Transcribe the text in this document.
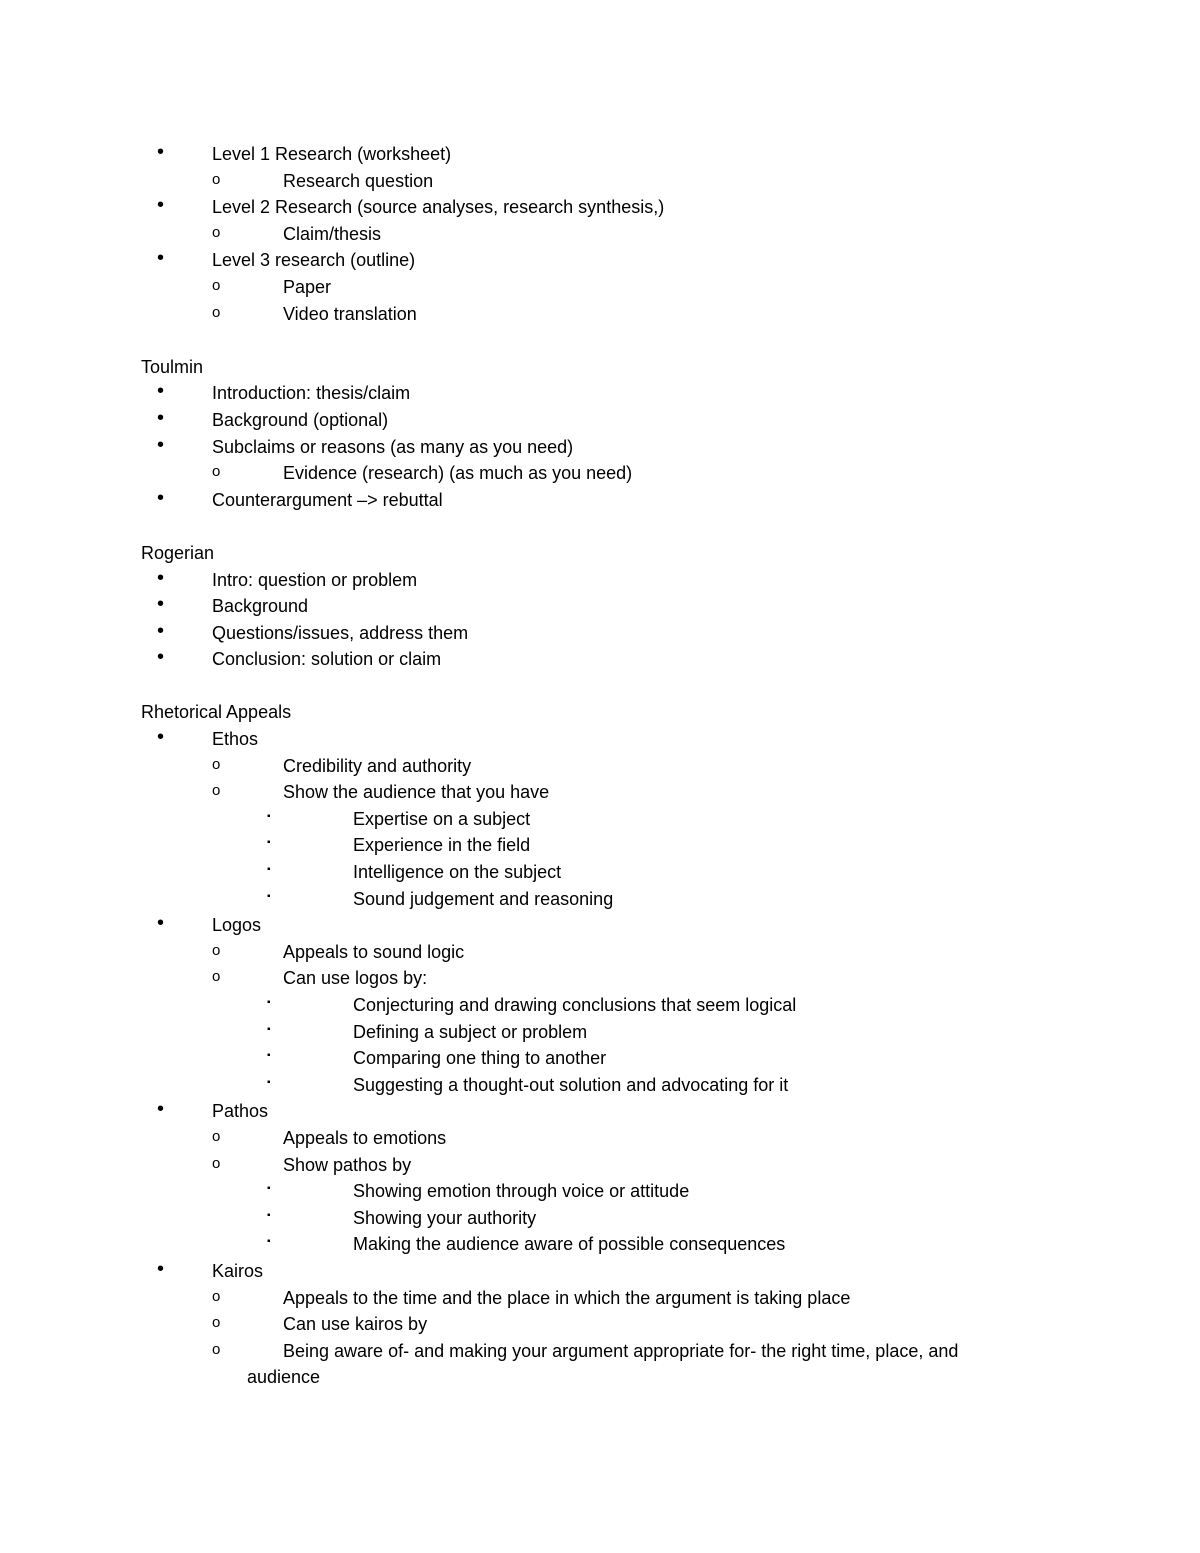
•	Level 1 Research (worksheet)
o	Research question
•	Level 2 Research (source analyses, research synthesis,)
o	Claim/thesis
•	Level 3 research (outline)
o	Paper
o	Video translation
Toulmin
•	Introduction: thesis/claim
•	Background (optional)
•	Subclaims or reasons (as many as you need)
o	Evidence (research) (as much as you need)
•	Counterargument –> rebuttal
Rogerian
•	Intro: question or problem
•	Background
•	Questions/issues, address them
•	Conclusion: solution or claim
Rhetorical Appeals
•	Ethos
o	Credibility and authority
o	Show the audience that you have
▪	Expertise on a subject
▪	Experience in the field
▪	Intelligence on the subject
▪	Sound judgement and reasoning
•	Logos
o	Appeals to sound logic
o	Can use logos by:
▪	Conjecturing and drawing conclusions that seem logical
▪	Defining a subject or problem
▪	Comparing one thing to another
▪	Suggesting a thought-out solution and advocating for it
•	Pathos
o	Appeals to emotions
o	Show pathos by
▪	Showing emotion through voice or attitude
▪	Showing your authority
▪	Making the audience aware of possible consequences
•	Kairos
o	Appeals to the time and the place in which the argument is taking place
o	Can use kairos by
o	Being aware of- and making your argument appropriate for- the right time, place, and
audience
